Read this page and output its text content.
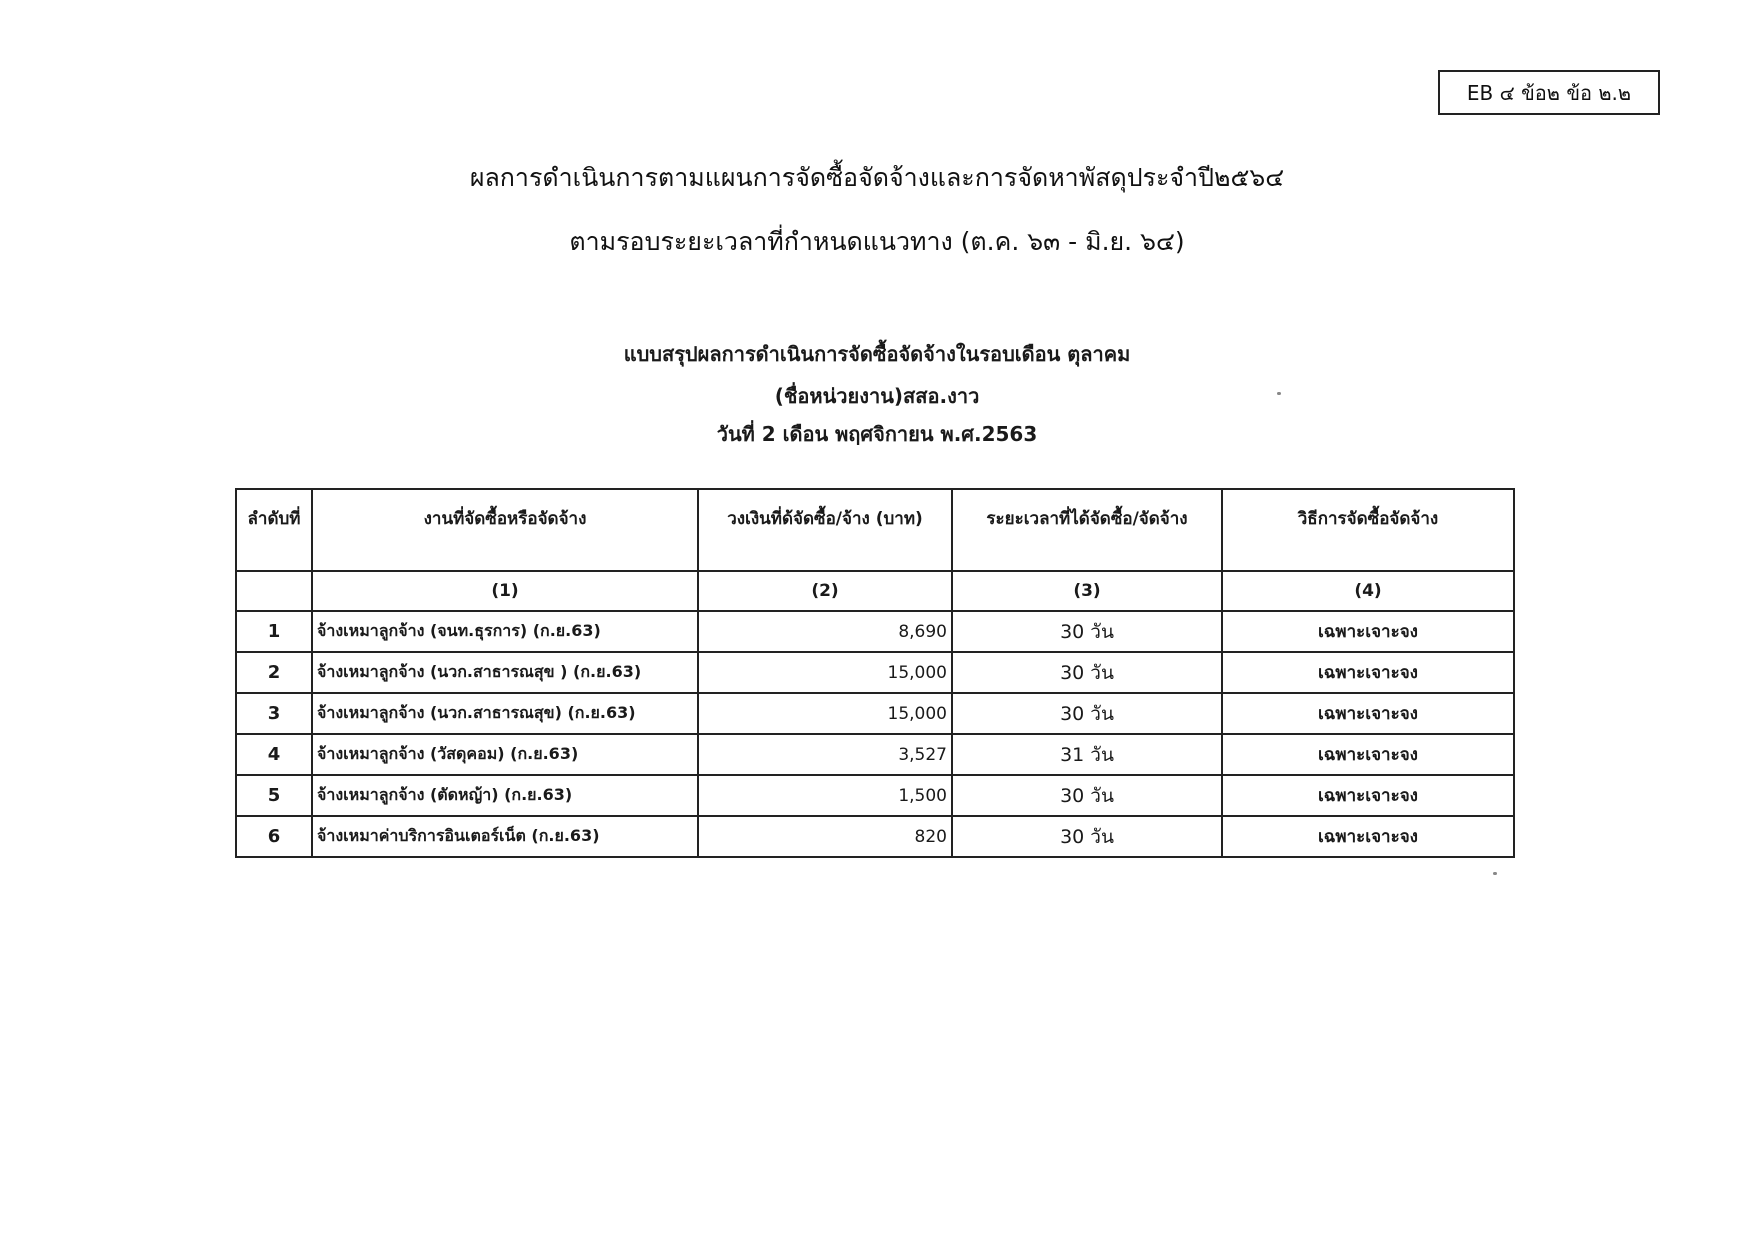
EB ๔ ข้อ๒ ข้อ ๒.๒
ผลการดำเนินการตามแผนการจัดซื้อจัดจ้างและการจัดหาพัสดุประจำปี๒๕๖๔
ตามรอบระยะเวลาที่กำหนดแนวทาง (ต.ค. ๖๓ - มิ.ย. ๖๔)
แบบสรุปผลการดำเนินการจัดซื้อจัดจ้างในรอบเดือน ตุลาคม
(ชื่อหน่วยงาน)สสอ.งาว
วันที่ 2 เดือน พฤศจิกายน พ.ศ.2563
ลำดับที่	งานที่จัดซื้อหรือจัดจ้าง	วงเงินที่ด้จัดซื้อ/จ้าง (บาท)	ระยะเวลาที่ได้จัดซื้อ/จัดจ้าง	วิธีการจัดซื้อจัดจ้าง
	(1)	(2)	(3)	(4)
1	จ้างเหมาลูกจ้าง (จนท.ธุรการ) (ก.ย.63)	8,690	30 วัน	เฉพาะเจาะจง
2	จ้างเหมาลูกจ้าง (นวก.สาธารณสุข ) (ก.ย.63)	15,000	30 วัน	เฉพาะเจาะจง
3	จ้างเหมาลูกจ้าง (นวก.สาธารณสุข) (ก.ย.63)	15,000	30 วัน	เฉพาะเจาะจง
4	จ้างเหมาลูกจ้าง (วัสดุคอม) (ก.ย.63)	3,527	31 วัน	เฉพาะเจาะจง
5	จ้างเหมาลูกจ้าง (ตัดหญ้า) (ก.ย.63)	1,500	30 วัน	เฉพาะเจาะจง
6	จ้างเหมาค่าบริการอินเตอร์เน็ต (ก.ย.63)	820	30 วัน	เฉพาะเจาะจง
